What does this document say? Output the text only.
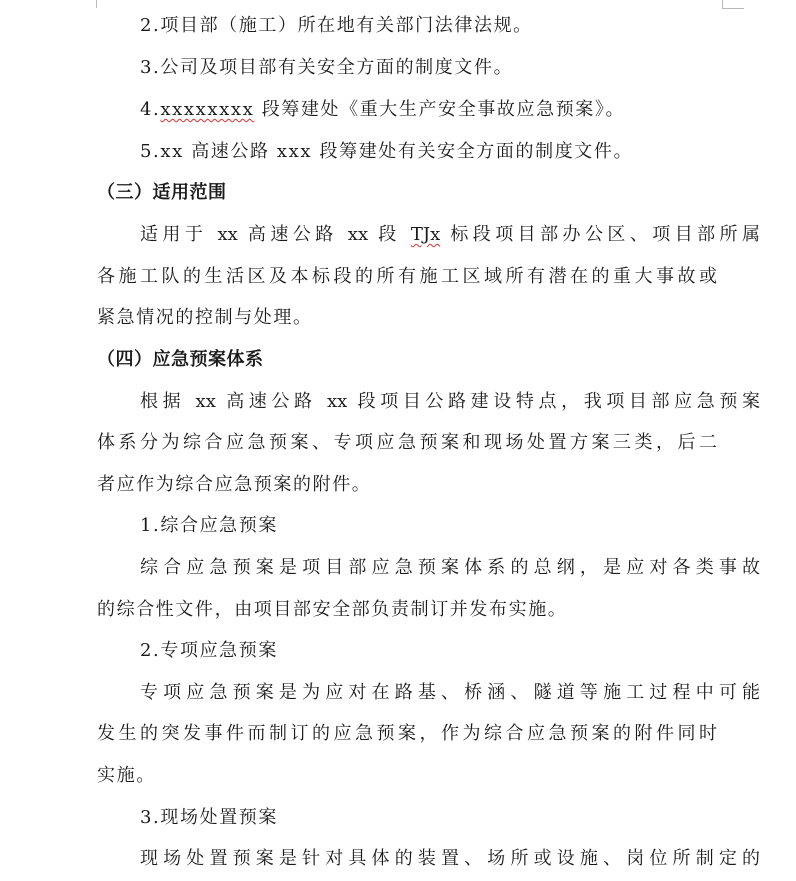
2.项目部（施工）所在地有关部门法律法规。
3.公司及项目部有关安全方面的制度文件。
4.xxxxxxxx 段筹建处《重大生产安全事故应急预案》。
5.xx 高速公路 xxx 段筹建处有关安全方面的制度文件。
（三）适用范围
适用于 xx 高速公路 xx 段 TJx 标段项目部办公区、项目部所属
各施工队的生活区及本标段的所有施工区域所有潜在的重大事故或
紧急情况的控制与处理。
（四）应急预案体系
根据 xx 高速公路 xx 段项目公路建设特点，我项目部应急预案
体系分为综合应急预案、专项应急预案和现场处置方案三类，后二
者应作为综合应急预案的附件。
1.综合应急预案
综合应急预案是项目部应急预案体系的总纲，是应对各类事故
的综合性文件，由项目部安全部负责制订并发布实施。
2.专项应急预案
专项应急预案是为应对在路基、桥涵、隧道等施工过程中可能
发生的突发事件而制订的应急预案，作为综合应急预案的附件同时
实施。
3.现场处置预案
现场处置预案是针对具体的装置、场所或设施、岗位所制定的
